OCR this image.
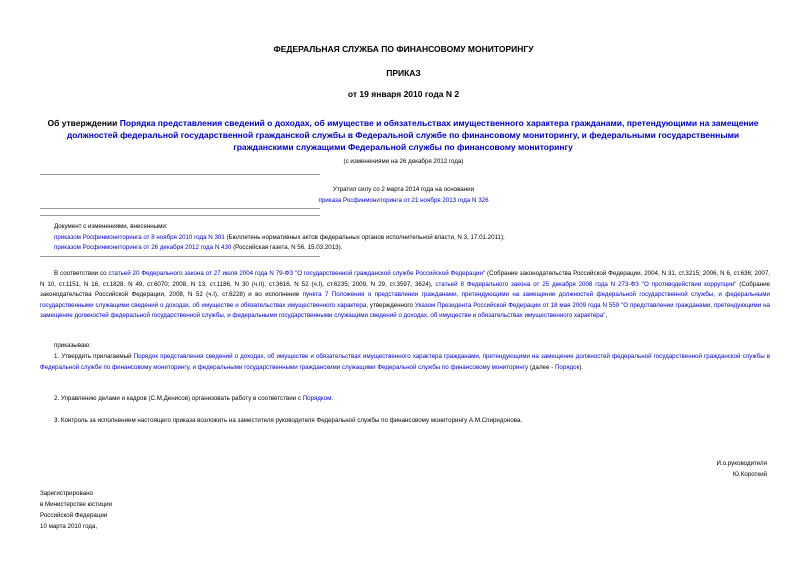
ФЕДЕРАЛЬНАЯ СЛУЖБА ПО ФИНАНСОВОМУ МОНИТОРИНГУ
ПРИКАЗ
от 19 января 2010 года N 2
Об утверждении Порядка представления сведений о доходах, об имуществе и обязательствах имущественного характера гражданами, претендующими на замещение должностей федеральной государственной гражданской службы в Федеральной службе по финансовому мониторингу, и федеральными государственными гражданскими служащими Федеральной службы по финансовому мониторингу
(с изменениями на 26 декабря 2012 года)
Утратил силу со 2 марта 2014 года на основании
приказа Росфинмониторинга от 21 ноября 2013 года N 326
Документ с изменениями, внесенными:
приказом Росфинмониторинга от 8 ноября 2010 года N 301 (Бюллетень нормативных актов федеральных органов исполнительной власти, N 3, 17.01.2011);
приказом Росфинмониторинга от 26 декабря 2012 года N 430 (Российская газета, N 56, 15.03.2013).
В соответствии со статьей 20 Федерального закона от 27 июля 2004 года N 79-ФЗ "О государственной гражданской службе Российской Федерации" (Собрание законодательства Российской Федерации, 2004, N 31, ст.3215; 2006, N 6, ст.636; 2007, N 10, ст.1151, N 16, ст.1828, N 49, ст.6070; 2008, N 13, ст.1186, N 30 (ч.II), ст.3616, N 52 (ч.I), ст.6235; 2009, N 29, ст.3597, 3624), статьей 8 Федерального закона от 25 декабря 2008 года N 273-ФЗ "О противодействии коррупции" (Собрание законодательства Российской Федерации, 2008, N 52 (ч.I), ст.6228) и во исполнение пункта 7 Положения о представлении гражданами, претендующими на замещение должностей федеральной государственной службы, и федеральными государственными служащими сведений о доходах, об имуществе и обязательствах имущественного характера, утвержденного Указом Президента Российской Федерации от 18 мая 2009 года N 559 "О представлении гражданами, претендующими на замещение должностей федеральной государственной службы, и федеральными государственными служащими сведений о доходах, об имуществе и обязательствах имущественного характера",
приказываю:
1. Утвердить прилагаемый Порядок представления сведений о доходах, об имуществе и обязательствах имущественного характера гражданами, претендующими на замещение должностей федеральной государственной гражданской службы в Федеральной службе по финансовому мониторингу, и федеральными государственными гражданскими служащими Федеральной службы по финансовому мониторингу (далее - Порядок).
2. Управлению делами и кадров (С.М.Денисов) организовать работу в соответствии с Порядком.
3. Контроль за исполнением настоящего приказа возложить на заместителя руководителя Федеральной службы по финансовому мониторингу А.М.Спиридонова.
И.о.руководителя
Ю.Короткий
Зарегистрировано
в Министерстве юстиции
Российской Федерации
10 марта 2010 года,
